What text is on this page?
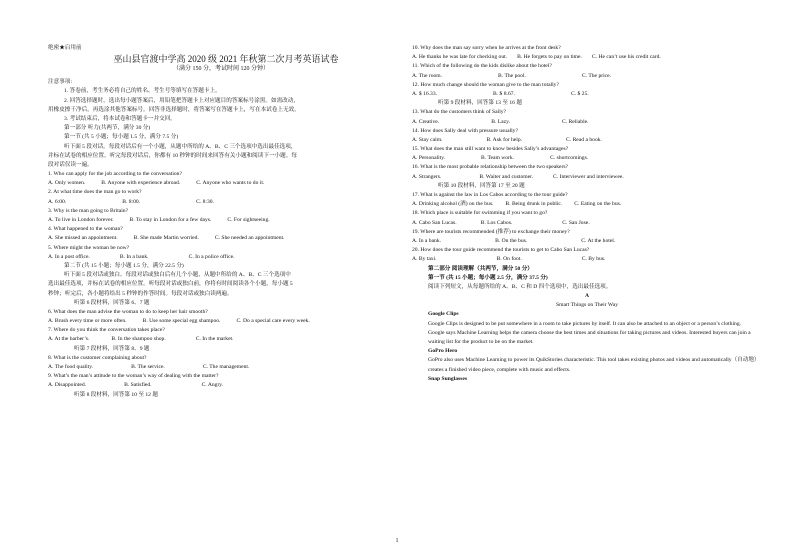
绝密★启用前
巫山县官渡中学高 2020 级 2021 年秋第二次月考英语试卷
（满分 150 分，考试时间 120 分钟）
注意事项：
1. 答卷前，考生务必将自己的姓名、考生号等填写在答题卡上。
2. 回答选择题时，选出每小题答案后，用铅笔把答题卡上对应题目的答案标号涂黑。如需改动，
用橡皮擦干净后，再选涂其他答案标号。回答非选择题时，将答案写在答题卡上，写在本试卷上无效。
3. 考试结束后，将本试卷和答题卡一并交回。
第一部分 听力(共两节，满分 30 分)
第一节 (共 5 小题；每小题 1.5 分，满分 7.5 分)
听下面 5 段对话。每段对话后有一个小题，从题中所给的 A、B、C 三个选项中选出最佳选项，
并标在试卷的相应位置。听完每段对话后，你都有 10 秒钟的时间来回答有关小题和阅读下一小题。每
段对话仅读一遍。
1. Who can apply for the job according to the conversation?
A. Only women.	B. Anyone with experience abroad.	C. Anyone who wants to do it.
2. At what time does the man go to work?
A. 6:00.	B. 8:00.	C. 8:30.
3. Why is the man going to Britain?
A. To live in London forever.	B. To stay in London for a few days.	C. For sightseeing.
4. What happened to the woman?
A. She missed an appointment.	B. She made Martin worried.	C. She needed an appointment.
5. Where might the woman be now?
A. In a post office.	B. In a bank.	C. In a police office.
第二节 (共 15 小题；每小题 1.5 分，满分 22.5 分)
听下面 5 段对话或独白。每段对话或独白后有几个小题，从题中所给的 A、B、C 三个选项中
选出最佳选项，并标在试卷的相应位置。听每段对话或独白前，你将有时间阅读各个小题，每小题 5
秒钟；听完后，各小题将给出 5 秒钟的作答时间。每段对话或独白读两遍。
听第 6 段材料，回答第 6、7 题
6. What does the man advise the woman to do to keep her hair smooth?
A. Brush every time or more often.	B. Use some special egg shampoo.	C. Do a special care every week.
7. Where do you think the conversation takes place?
A. At the barber’s.	B. In the shampoo shop.	C. In the market.
听第 7 段材料，回答第 8、9 题
8. What is the customer complaining about?
A. The food quality.	B. The service.	C. The management.
9. What’s the man’s attitude to the woman’s way of dealing with the matter?
A. Disappointed.	B. Satisfied.	C. Angry.
听第 8 段材料，回答第 10 至 12 题
10. Why does the man say sorry when he arrives at the front desk?
A. He thanks he was late for checking out. B. He forgets to pay on time. C. He can’t use his credit card.
11. Which of the following do the kids dislike about the hotel?
A. The room.	B. The pool.	C. The price.
12. How much change should the woman give to the man totally?
A. $ 16.33.	B. $ 8.67.	C. $ 25.
听第 9 段材料，回答第 13 至 16 题
13. What do the customers think of Sally?
A. Creative.	B. Lazy.	C. Reliable.
14. How does Sally deal with pressure usually?
A. Stay calm.	B. Ask for help.	C. Read a book.
15. What does the man still want to know besides Sally’s advantages?
A. Personality.	B. Team work.	C. shortcomings.
16. What is the most probable relationship between the two speakers?
A. Strangers.	B. Waiter and customer.	C. Interviewer and interviewee.
听第 10 段材料，回答第 17 至 20 题
17. What is against the law in Los Cabos according to the tour guide?
A. Drinking alcohol (酒) on the bus. B. Being drunk in public. C. Eating on the bus.
18. Which place is suitable for swimming if you want to go?
A. Cabo San Lucas.	B. Los Cabos.	C. San Jose.
19. Where are tourists recommended (推荐) to exchange their money?
A. In a bank.	B. On the bus.	C. At the hotel.
20. How does the tour guide recommend the tourists to get to Cabo San Lucas?
A. By taxi.	B. On foot.	C. By bus.
第二部分 阅读理解（共两节，满分 50 分）
第一节 (共 15 小题；每小题 2.5 分，满分 37.5 分)
阅读下列短文，从每题所给的 A、B、C 和 D 四个选项中，选出最佳选项。
A
Smart Things on Their Way
Google Clips
Google Clips is designed to be put somewhere in a room to take pictures by itself. It can also be attached to an object or a person’s clothing.
Google says Machine Learning helps the camera choose the best times and situations for taking pictures and videos. Interested buyers can join a waiting list for the product to be on the market.
GoPro Hero
GoPro also uses Machine Learning to power its QuikStories characteristic. This tool takes existing photos and videos and automatically（自动地）creates a finished video piece, complete with music and effects.
Snap Sunglasses
1
